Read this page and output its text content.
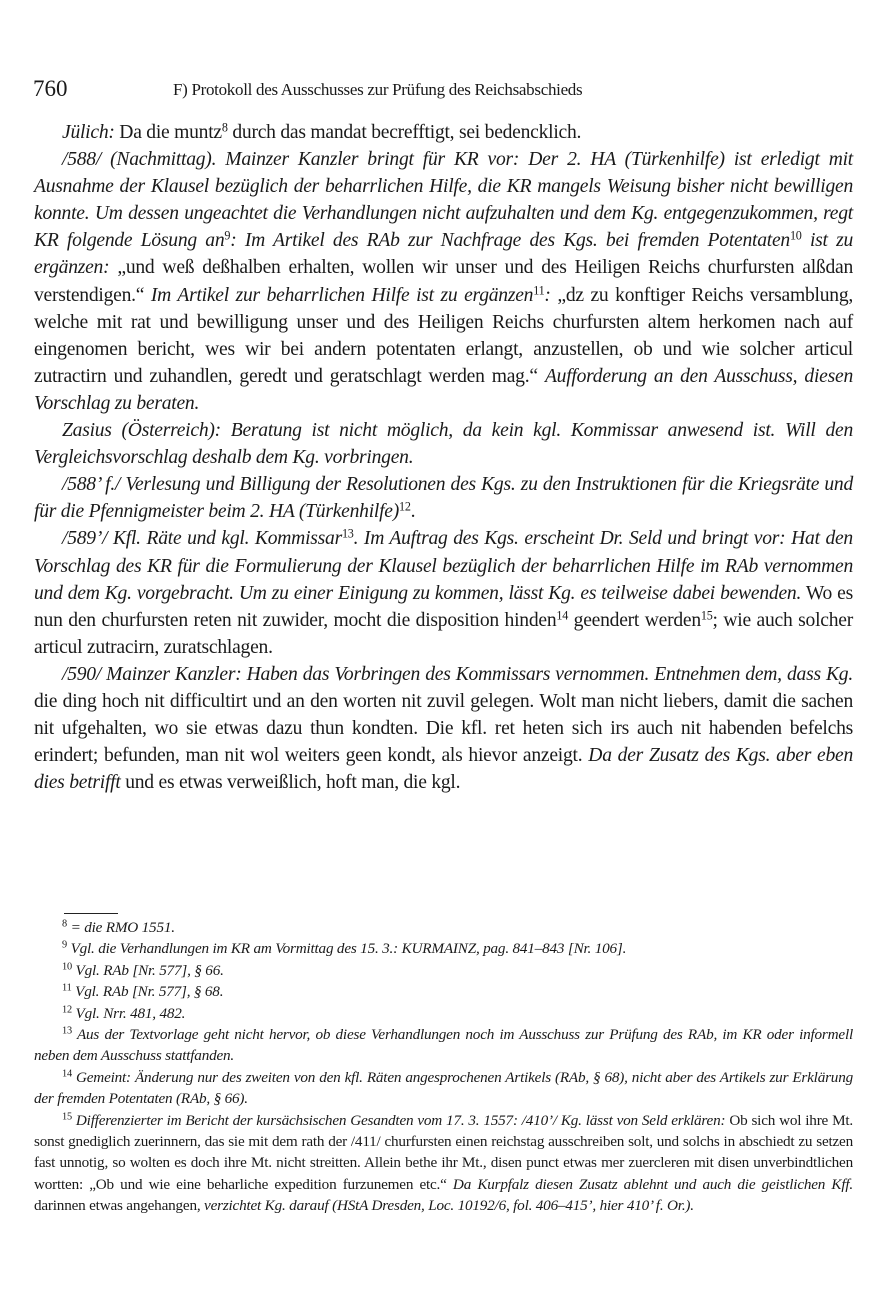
760	F) Protokoll des Ausschusses zur Prüfung des Reichsabschieds

Jülich: Da die muntz$^8$ durch das mandat becrefftigt, sei bedencklich.

/588/ (Nachmittag). Mainzer Kanzler bringt für KR vor: Der 2. HA (Türkenhilfe) ist erledigt mit Ausnahme der Klausel bezüglich der beharrlichen Hilfe, die KR mangels Weisung bisher nicht bewilligen konnte. Um dessen ungeachtet die Verhandlungen nicht aufzuhalten und dem Kg. entgegenzukommen, regt KR folgende Lösung $an^9$: Im Artikel des RAb zur Nachfrage des Kgs. bei fremden Potentaten$^{10}$ ist zu ergänzen: „und weß deßhalben erhalten, wollen wir unser und des Heiligen Reichs churfursten alßdan verstendigen.“ Im Artikel zur beharrlichen Hilfe ist zu ergänzen$^{11}$: „dz zu konftiger Reichs versamblung, welche mit rat und bewilligung unser und des Heiligen Reichs churfursten altem herkomen nach auf eingenomen bericht, wes wir bei andern potentaten erlangt, anzustellen, ob und wie solcher articul zutractirn und zuhandlen, geredt und geratschlagt werden mag.“ Aufforderung an den Ausschuss, diesen Vorschlag zu beraten.

Zasius (Österreich): Beratung ist nicht möglich, da kein kgl. Kommissar anwesend ist. Will den Vergleichsvorschlag deshalb dem Kg. vorbringen.

/588’ f./ Verlesung und Billigung der Resolutionen des Kgs. zu den Instruktionen für die Kriegsräte und für die Pfennigmeister beim 2. HA (Türkenhilfe)$^{12}$.

/589’/ Kfl. Räte und kgl. Kommissar$^{13}$. Im Auftrag des Kgs. erscheint Dr. Seld und bringt vor: Hat den Vorschlag des KR für die Formulierung der Klausel bezüglich der beharrlichen Hilfe im RAb vernommen und dem Kg. vorgebracht. Um zu einer Einigung zu kommen, lässt Kg. es teilweise dabei bewenden. Wo es nun den churfursten reten nit zuwider, mocht die disposition hinden$^{14}$ geendert werden$^{15}$; wie auch solcher articul zutracirn, zuratschlagen.

/590/ Mainzer Kanzler: Haben das Vorbringen des Kommissars vernommen. Entnehmen dem, dass Kg. die ding hoch nit difficultirt und an den worten nit zuvil gelegen. Wolt man nicht liebers, damit die sachen nit ufgehalten, wo sie etwas dazu thun kondten. Die kfl. ret heten sich irs auch nit habenden befelchs erindert; befunden, man nit wol weiters geen kondt, als hievor anzeigt. Da der Zusatz des Kgs. aber eben dies betrifft und es etwas verweißlich, hoft man, die kgl.

$^8$ = die RMO 1551.

$^9$ Vgl. die Verhandlungen im KR am Vormittag des 15. 3.: KURMAINZ, pag. 841–843 [Nr. 106].

$^{10}$ Vgl. RAb [Nr. 577], § 66.

$^{11}$ Vgl. RAb [Nr. 577], § 68.

$^{12}$ Vgl. Nrr. 481, 482.

$^{13}$ Aus der Textvorlage geht nicht hervor, ob diese Verhandlungen noch im Ausschuss zur Prüfung des RAb, im KR oder informell neben dem Ausschuss stattfanden.

$^{14}$ Gemeint: Änderung nur des zweiten von den kfl. Räten angesprochenen Artikels (RAb, § 68), nicht aber des Artikels zur Erklärung der fremden Potentaten (RAb, § 66).

$^{15}$ Differenzierter im Bericht der kursächsischen Gesandten vom 17. 3. 1557: /410’/ Kg. lässt von Seld erklären: Ob sich wol ihre Mt. sonst gnediglich zuerinnern, das sie mit dem rath der /411/ churfursten einen reichstag ausschreiben solt, und solchs in abschiedt zu setzen fast unnotig, so wolten es doch ihre Mt. nicht streitten. Allein bethe ihr Mt., disen punct etwas mer zuercleren mit disen unverbindtlichen wortten: „Ob und wie eine beharliche expedition furzunemen etc.“ Da Kurpfalz diesen Zusatz ablehnt und auch die geistlichen Kff. darinnen etwas angehangen, verzichtet Kg. darauf (HStA Dresden, Loc. 10192/6, fol. 406–415’, hier 410’ f. Or.).
